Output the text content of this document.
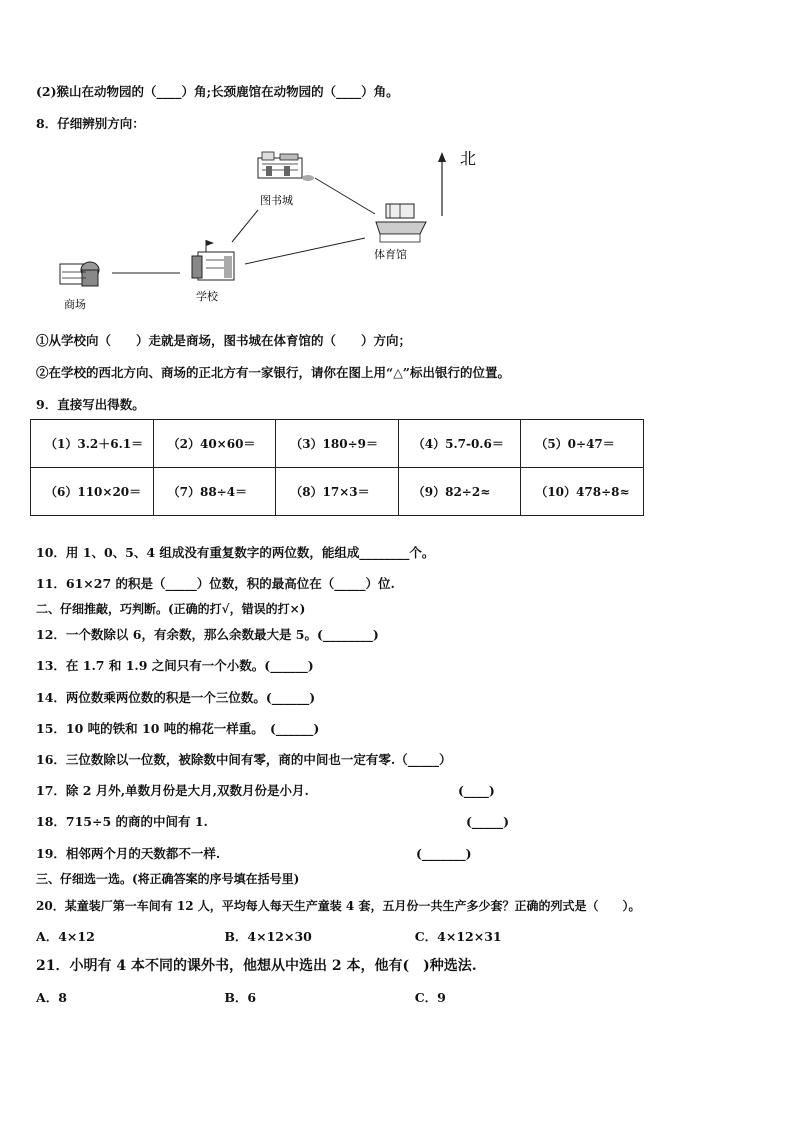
(2)猴山在动物园的（____）角;长颈鹿馆在动物园的（____）角。
8．仔细辨别方向：
北
图书城
体育馆
商场
学校
①从学校向（　　）走就是商场，图书城在体育馆的（　　）方向；
②在学校的西北方向、商场的正北方有一家银行，请你在图上用“△”标出银行的位置。
9．直接写出得数。
（1）3.2＋6.1＝	（2）40×60＝	（3）180÷9＝	（4）5.7-0.6＝	（5）0÷47＝
（6）110×20＝	（7）88÷4＝	（8）17×3＝	（9）82÷2≈	（10）478÷8≈
10．用 1、0、5、4 组成没有重复数字的两位数，能组成________个。
11．61×27 的积是（_____）位数，积的最高位在（_____）位.
二、仔细推敲，巧判断。(正确的打√，错误的打×)
12．一个数除以 6，有余数，那么余数最大是 5。(________)
13．在 1.7 和 1.9 之间只有一个小数。(______)
14．两位数乘两位数的积是一个三位数。(______)
15．10 吨的铁和 10 吨的棉花一样重。　(______)
16．三位数除以一位数，被除数中间有零，商的中间也一定有零.（_____）
17．除 2 月外,单数月份是大月,双数月份是小月.	(____)
18．715÷5 的商的中间有 1.	(_____)
19．相邻两个月的天数都不一样.	(_______)
三、仔细选一选。(将正确答案的序号填在括号里)
20．某童装厂第一车间有 12 人，平均每人每天生产童装 4 套，五月份一共生产多少套？正确的列式是（　　）。
A．4×12	B．4×12×30	C．4×12×31
21．小明有 4 本不同的课外书，他想从中选出 2 本，他有(　)种选法.
A．8	B．6	C．9
